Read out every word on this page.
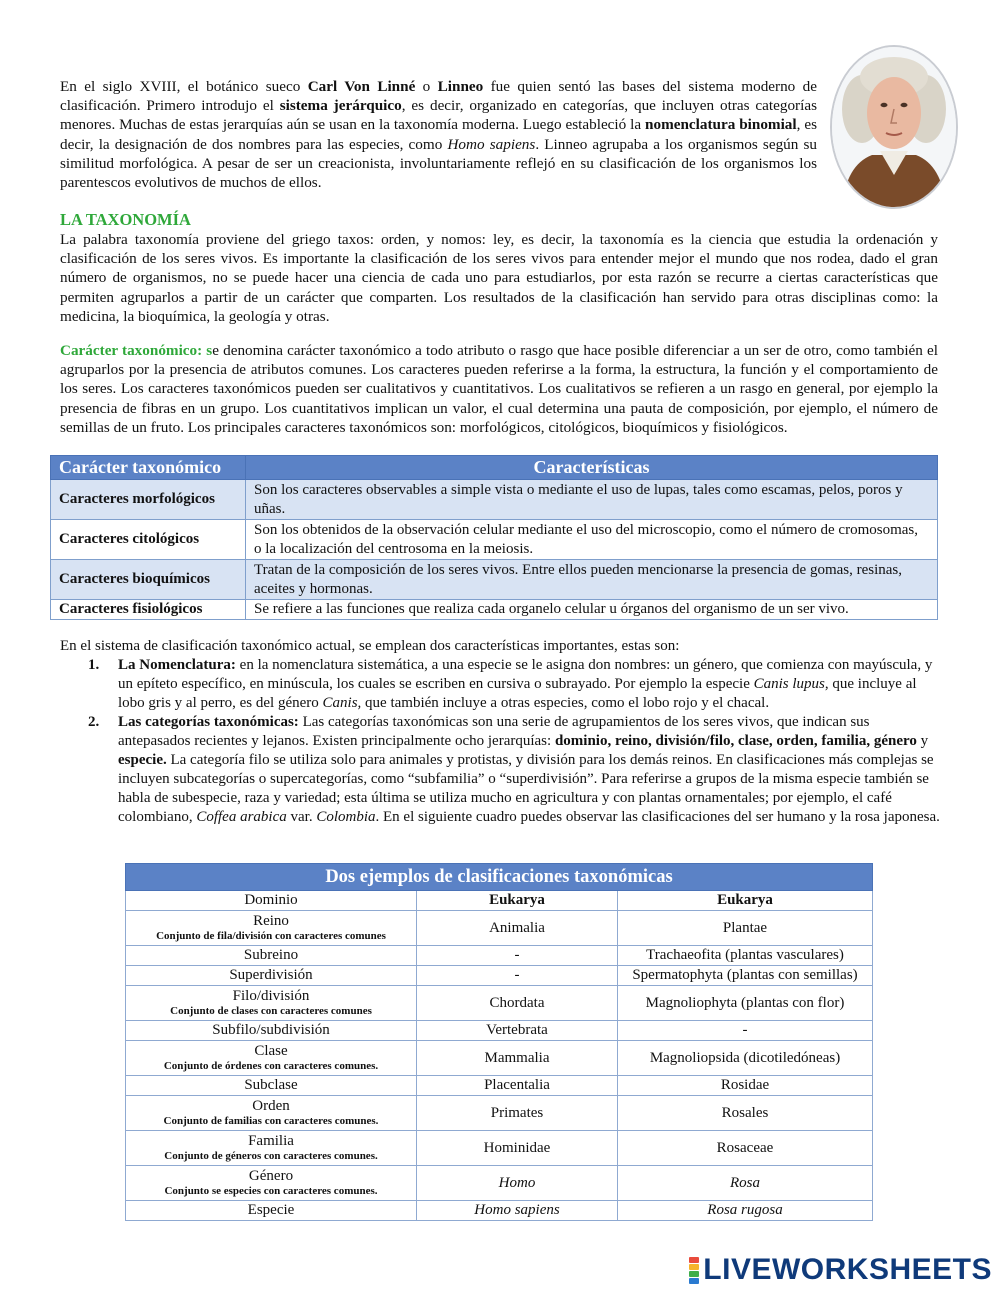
En el siglo XVIII, el botánico sueco Carl Von Linné o Linneo fue quien sentó las bases del sistema moderno de clasificación. Primero introdujo el sistema jerárquico, es decir, organizado en categorías, que incluyen otras categorías menores. Muchas de estas jerarquías aún se usan en la taxonomía moderna. Luego estableció la nomenclatura binomial, es decir, la designación de dos nombres para las especies, como Homo sapiens. Linneo agrupaba a los organismos según su similitud morfológica. A pesar de ser un creacionista, involuntariamente reflejó en su clasificación de los organismos los parentescos evolutivos de muchos de ellos.

LA TAXONOMÍA

La palabra taxonomía proviene del griego taxos: orden, y nomos: ley, es decir, la taxonomía es la ciencia que estudia la ordenación y clasificación de los seres vivos. Es importante la clasificación de los seres vivos para entender mejor el mundo que nos rodea, dado el gran número de organismos, no se puede hacer una ciencia de cada uno para estudiarlos, por esta razón se recurre a ciertas características que permiten agruparlos a partir de un carácter que comparten. Los resultados de la clasificación han servido para otras disciplinas como: la medicina, la bioquímica, la geología y otras.

Carácter taxonómico: se denomina carácter taxonómico a todo atributo o rasgo que hace posible diferenciar a un ser de otro, como también el agruparlos por la presencia de atributos comunes. Los caracteres pueden referirse a la forma, la estructura, la función y el comportamiento de los seres. Los caracteres taxonómicos pueden ser cualitativos y cuantitativos. Los cualitativos se refieren a un rasgo en general, por ejemplo la presencia de fibras en un grupo. Los cuantitativos implican un valor, el cual determina una pauta de composición, por ejemplo, el número de semillas de un fruto. Los principales caracteres taxonómicos son: morfológicos, citológicos, bioquímicos y fisiológicos.

Carácter taxonómico	Características
Caracteres morfológicos	Son los caracteres observables a simple vista o mediante el uso de lupas, tales como escamas, pelos, poros y uñas.
Caracteres citológicos	Son los obtenidos de la observación celular mediante el uso del microscopio, como el número de cromosomas, o la localización del centrosoma en la meiosis.
Caracteres bioquímicos	Tratan de la composición de los seres vivos. Entre ellos pueden mencionarse la presencia de gomas, resinas, aceites y hormonas.
Caracteres fisiológicos	Se refiere a las funciones que realiza cada organelo celular u órganos del organismo de un ser vivo.

En el sistema de clasificación taxonómico actual, se emplean dos características importantes, estas son:

1. La Nomenclatura: en la nomenclatura sistemática, a una especie se le asigna don nombres: un género, que comienza con mayúscula, y un epíteto específico, en minúscula, los cuales se escriben en cursiva o subrayado. Por ejemplo la especie Canis lupus, que incluye al lobo gris y al perro, es del género Canis, que también incluye a otras especies, como el lobo rojo y el chacal.
2. Las categorías taxonómicas: Las categorías taxonómicas son una serie de agrupamientos de los seres vivos, que indican sus antepasados recientes y lejanos. Existen principalmente ocho jerarquías: dominio, reino, división/filo, clase, orden, familia, género y especie. La categoría filo se utiliza solo para animales y protistas, y división para los demás reinos. En clasificaciones más complejas se incluyen subcategorías o supercategorías, como “subfamilia” o “superdivisión”. Para referirse a grupos de la misma especie también se habla de subespecie, raza y variedad; esta última se utiliza mucho en agricultura y con plantas ornamentales; por ejemplo, el café colombiano, Coffea arabica var. Colombia. En el siguiente cuadro puedes observar las clasificaciones del ser humano y la rosa japonesa.
Dos ejemplos de clasificaciones taxonómicas		
Dominio	Eukarya	Eukarya
Reino
Conjunto de fila/división con caracteres comunes	Animalia	Plantae
Subreino	-	Trachaeofita (plantas vasculares)
Superdivisión	-	Spermatophyta (plantas con semillas)
Filo/división
Conjunto de clases con caracteres comunes	Chordata	Magnoliophyta (plantas con flor)
Subfilo/subdivisión	Vertebrata	-
Clase
Conjunto de órdenes con caracteres comunes.	Mammalia	Magnoliopsida (dicotiledóneas)
Subclase	Placentalia	Rosidae
Orden
Conjunto de familias con caracteres comunes.	Primates	Rosales
Familia
Conjunto de géneros con caracteres comunes.	Hominidae	Rosaceae
Género
Conjunto se especies con caracteres comunes.	Homo	Rosa
Especie	Homo sapiens	Rosa rugosa
LIVEWORKSHEETS
